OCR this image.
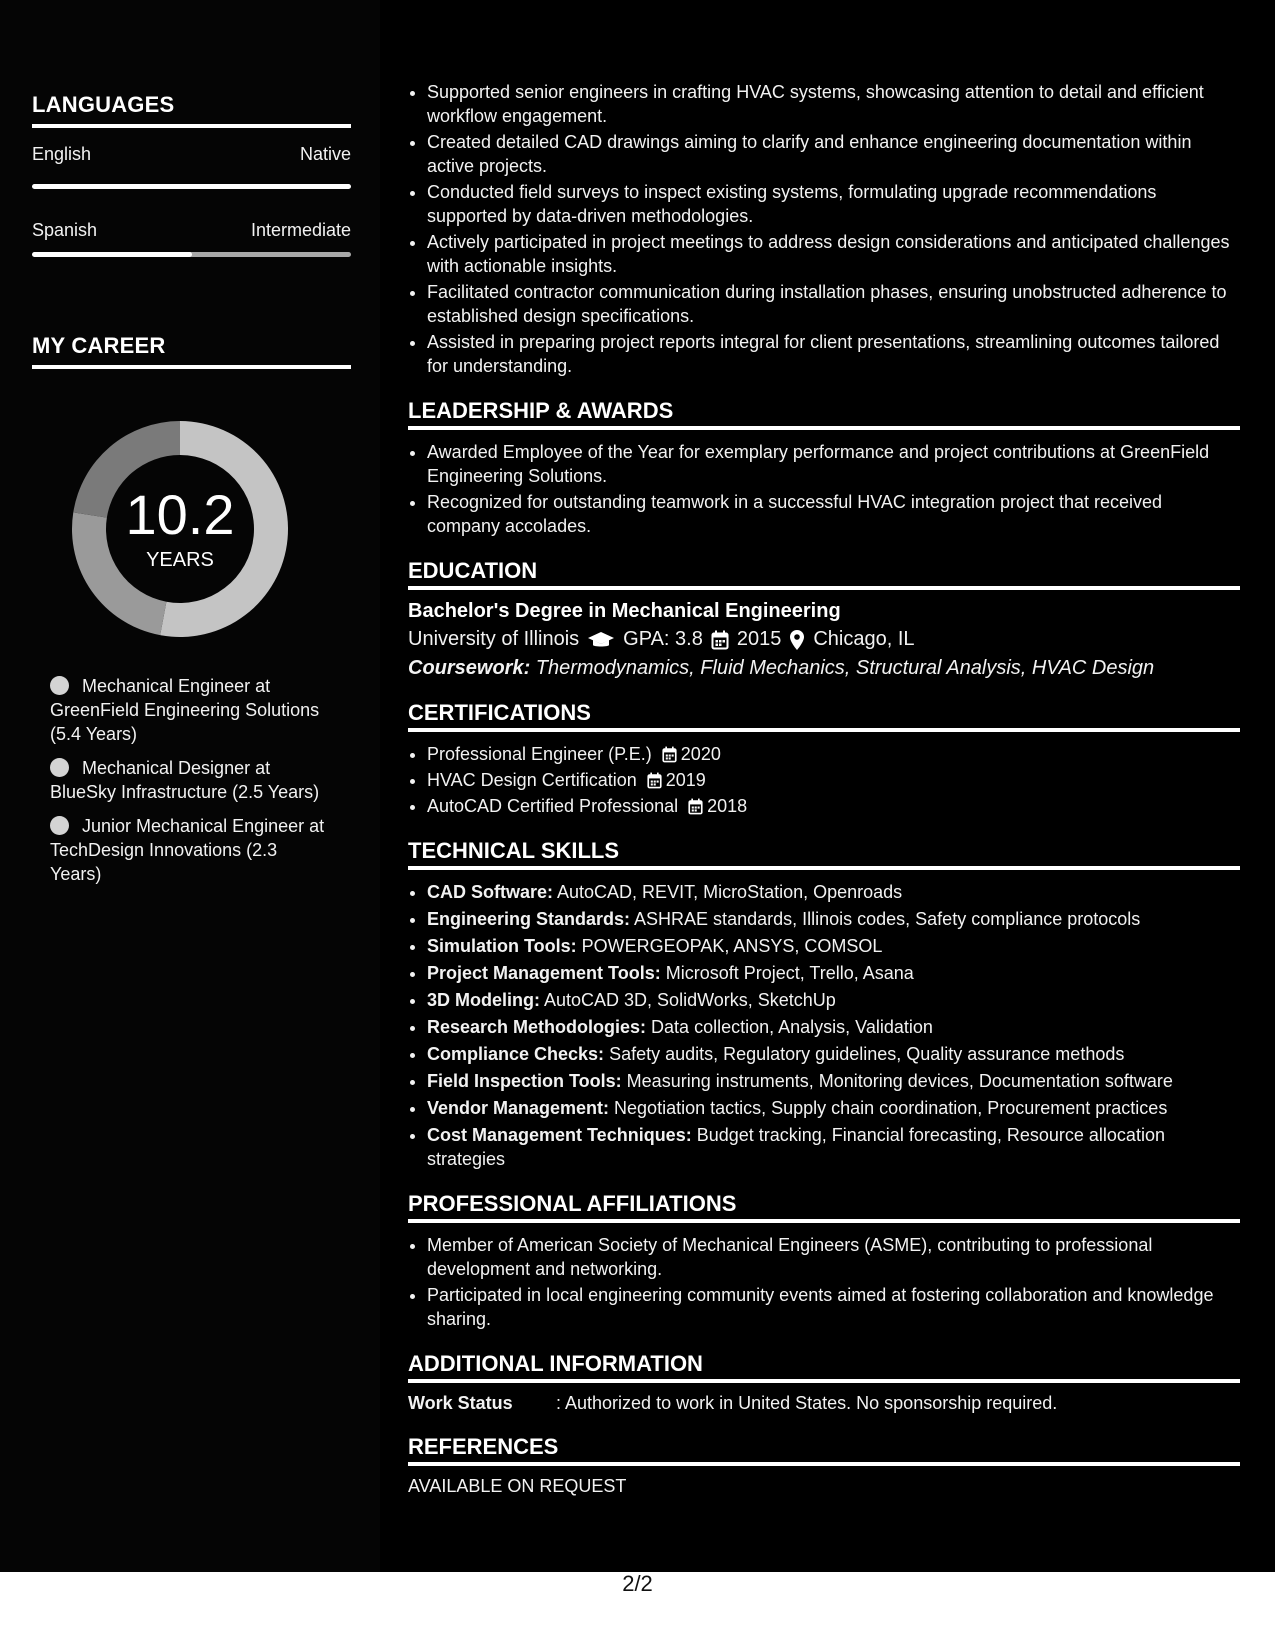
LANGUAGES
English	Native
Spanish	Intermediate
MY CAREER
10.2
YEARS
Mechanical Engineer at GreenField Engineering Solutions (5.4 Years)
Mechanical Designer at BlueSky Infrastructure (2.5 Years)
Junior Mechanical Engineer at TechDesign Innovations (2.3 Years)
• Supported senior engineers in crafting HVAC systems, showcasing attention to detail and efficient workflow engagement.
• Created detailed CAD drawings aiming to clarify and enhance engineering documentation within active projects.
• Conducted field surveys to inspect existing systems, formulating upgrade recommendations supported by data-driven methodologies.
• Actively participated in project meetings to address design considerations and anticipated challenges with actionable insights.
• Facilitated contractor communication during installation phases, ensuring unobstructed adherence to established design specifications.
• Assisted in preparing project reports integral for client presentations, streamlining outcomes tailored for understanding.
LEADERSHIP & AWARDS
• Awarded Employee of the Year for exemplary performance and project contributions at GreenField Engineering Solutions.
• Recognized for outstanding teamwork in a successful HVAC integration project that received company accolades.
EDUCATION
Bachelor's Degree in Mechanical Engineering
University of Illinois GPA: 3.8 2015 Chicago, IL
Coursework: Thermodynamics, Fluid Mechanics, Structural Analysis, HVAC Design
CERTIFICATIONS
• Professional Engineer (P.E.) 2020
• HVAC Design Certification 2019
• AutoCAD Certified Professional 2018
TECHNICAL SKILLS
• CAD Software: AutoCAD, REVIT, MicroStation, Openroads
• Engineering Standards: ASHRAE standards, Illinois codes, Safety compliance protocols
• Simulation Tools: POWERGEOPAK, ANSYS, COMSOL
• Project Management Tools: Microsoft Project, Trello, Asana
• 3D Modeling: AutoCAD 3D, SolidWorks, SketchUp
• Research Methodologies: Data collection, Analysis, Validation
• Compliance Checks: Safety audits, Regulatory guidelines, Quality assurance methods
• Field Inspection Tools: Measuring instruments, Monitoring devices, Documentation software
• Vendor Management: Negotiation tactics, Supply chain coordination, Procurement practices
• Cost Management Techniques: Budget tracking, Financial forecasting, Resource allocation strategies
PROFESSIONAL AFFILIATIONS
• Member of American Society of Mechanical Engineers (ASME), contributing to professional development and networking.
• Participated in local engineering community events aimed at fostering collaboration and knowledge sharing.
ADDITIONAL INFORMATION
Work Status	: Authorized to work in United States. No sponsorship required.
REFERENCES
AVAILABLE ON REQUEST
2/2
